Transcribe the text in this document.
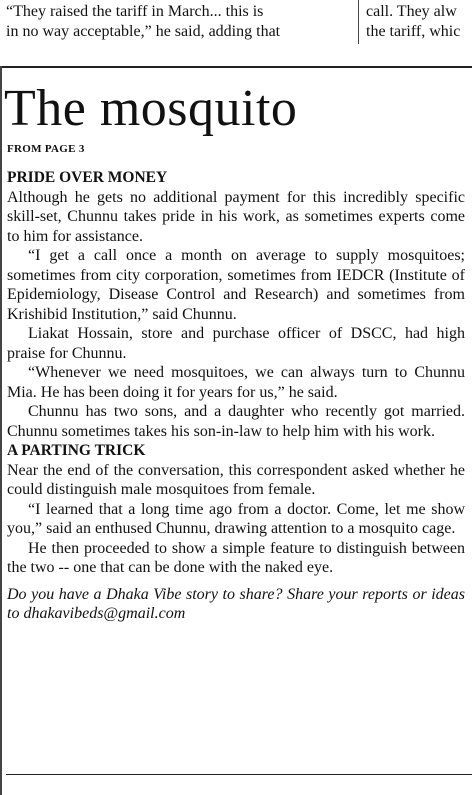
“They raised the tariff in March... this is
in no way acceptable,” he said, adding that
call. They alw
the tariff, whic
The mosquito
FROM PAGE 3
PRIDE OVER MONEY

Although he gets no additional payment for this incredibly specific skill-set, Chunnu takes pride in his work, as sometimes experts come to him for assistance.

“I get a call once a month on average to supply mosquitoes; sometimes from city corporation, sometimes from IEDCR (Institute of Epidemiology, Disease Control and Research) and sometimes from Krishibid Institution,” said Chunnu.

Liakat Hossain, store and purchase officer of DSCC, had high praise for Chunnu.

“Whenever we need mosquitoes, we can always turn to Chunnu Mia. He has been doing it for years for us,” he said.

Chunnu has two sons, and a daughter who recently got married. Chunnu sometimes takes his son-in-law to help him with his work.

A PARTING TRICK

Near the end of the conversation, this correspondent asked whether he could distinguish male mosquitoes from female.

“I learned that a long time ago from a doctor. Come, let me show you,” said an enthused Chunnu, drawing attention to a mosquito cage.

He then proceeded to show a simple feature to distinguish between the two -- one that can be done with the naked eye.

Do you have a Dhaka Vibe story to share? Share your reports or ideas to dhakavibeds@gmail.com
